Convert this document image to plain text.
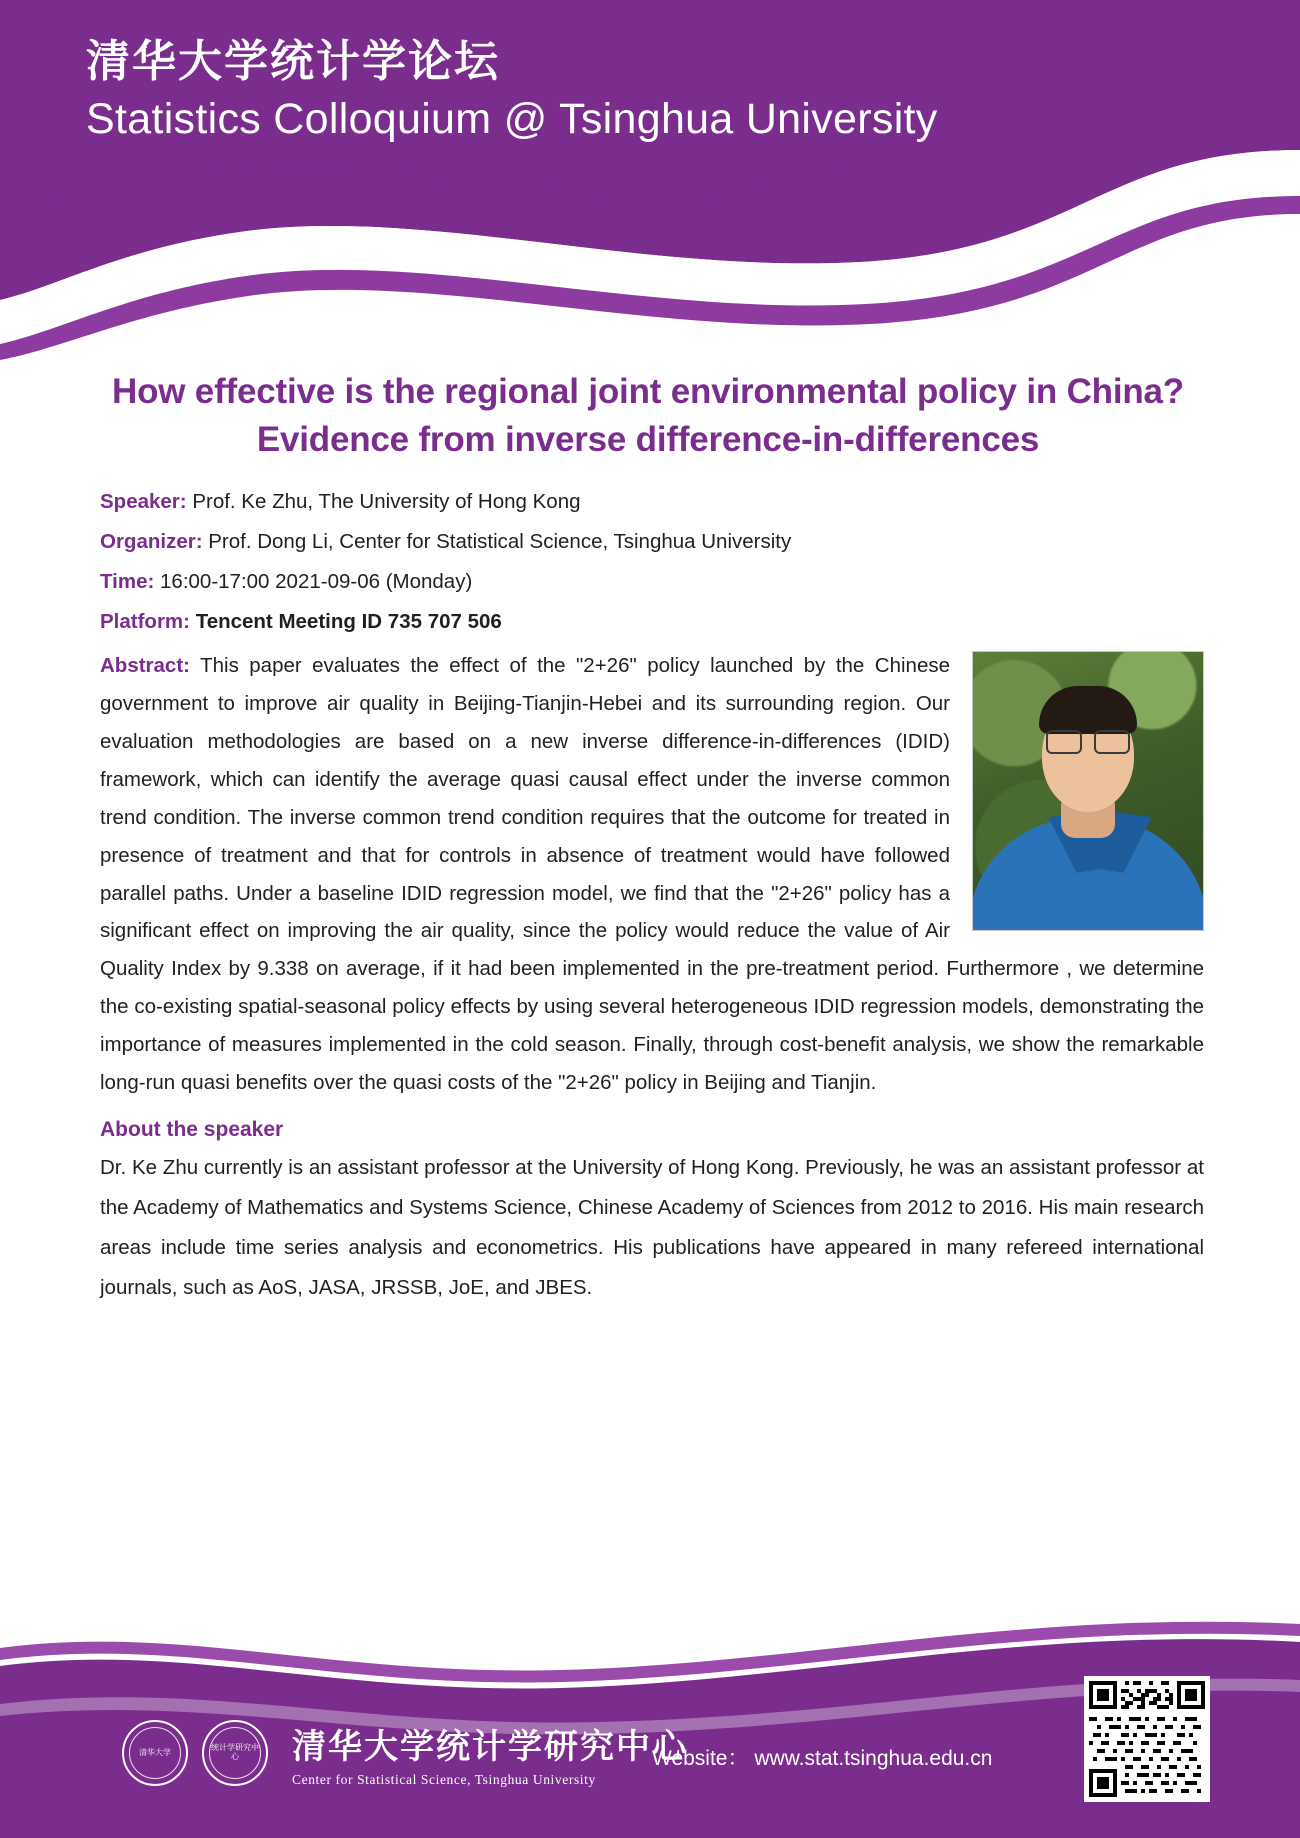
清华大学统计学论坛
Statistics Colloquium @ Tsinghua University
How effective is the regional joint environmental policy in China? Evidence from inverse difference-in-differences
Speaker: Prof. Ke Zhu, The University of Hong Kong
Organizer: Prof. Dong Li, Center for Statistical Science, Tsinghua University
Time: 16:00-17:00 2021-09-06 (Monday)
Platform: Tencent Meeting ID 735 707 506
Abstract: This paper evaluates the effect of the "2+26" policy launched by the Chinese government to improve air quality in Beijing-Tianjin-Hebei and its surrounding region. Our evaluation methodologies are based on a new inverse difference-in-differences (IDID) framework, which can identify the average quasi causal effect under the inverse common trend condition. The inverse common trend condition requires that the outcome for treated in presence of treatment and that for controls in absence of treatment would have followed parallel paths. Under a baseline IDID regression model, we find that the "2+26" policy has a significant effect on improving the air quality, since the policy would reduce the value of Air Quality Index by 9.338 on average, if it had been implemented in the pre-treatment period. Furthermore , we determine the co-existing spatial-seasonal policy effects by using several heterogeneous IDID regression models, demonstrating the importance of measures implemented in the cold season. Finally, through cost-benefit analysis, we show the remarkable long-run quasi benefits over the quasi costs of the "2+26" policy in Beijing and Tianjin.
About the speaker
Dr. Ke Zhu currently is an assistant professor at the University of Hong Kong. Previously, he was an assistant professor at the Academy of Mathematics and Systems Science, Chinese Academy of Sciences from 2012 to 2016. His main research areas include time series analysis and econometrics. His publications have appeared in many refereed international journals, such as AoS, JASA, JRSSB, JoE, and JBES.
清华大学	统计学研究中心	清华大学统计学研究中心
Center for Statistical Science, Tsinghua University
Website： www.stat.tsinghua.edu.cn
